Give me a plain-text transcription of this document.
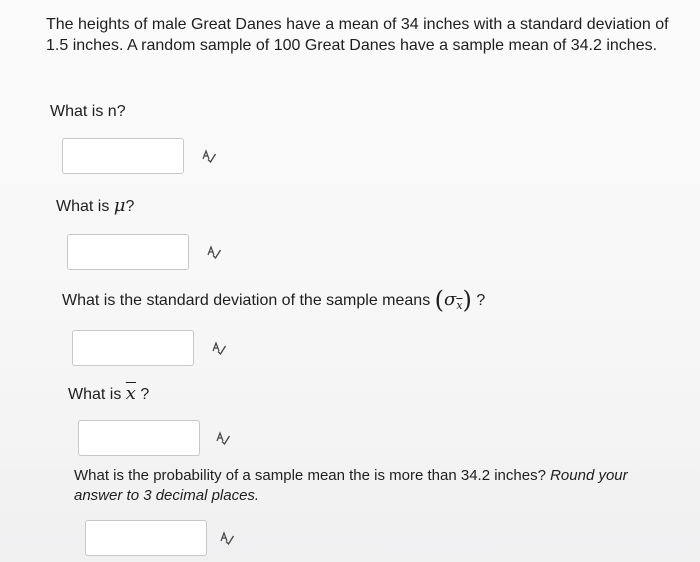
The heights of male Great Danes have a mean of 34 inches with a standard deviation of 1.5 inches. A random sample of 100 Great Danes have a sample mean of 34.2 inches.
What is n?
What is μ?
What is the standard deviation of the sample means $(\sigma_{\overline{x}})$ ?
What is $\overline{x}$ ?
What is the probability of a sample mean the is more than 34.2 inches? Round your answer to 3 decimal places.
